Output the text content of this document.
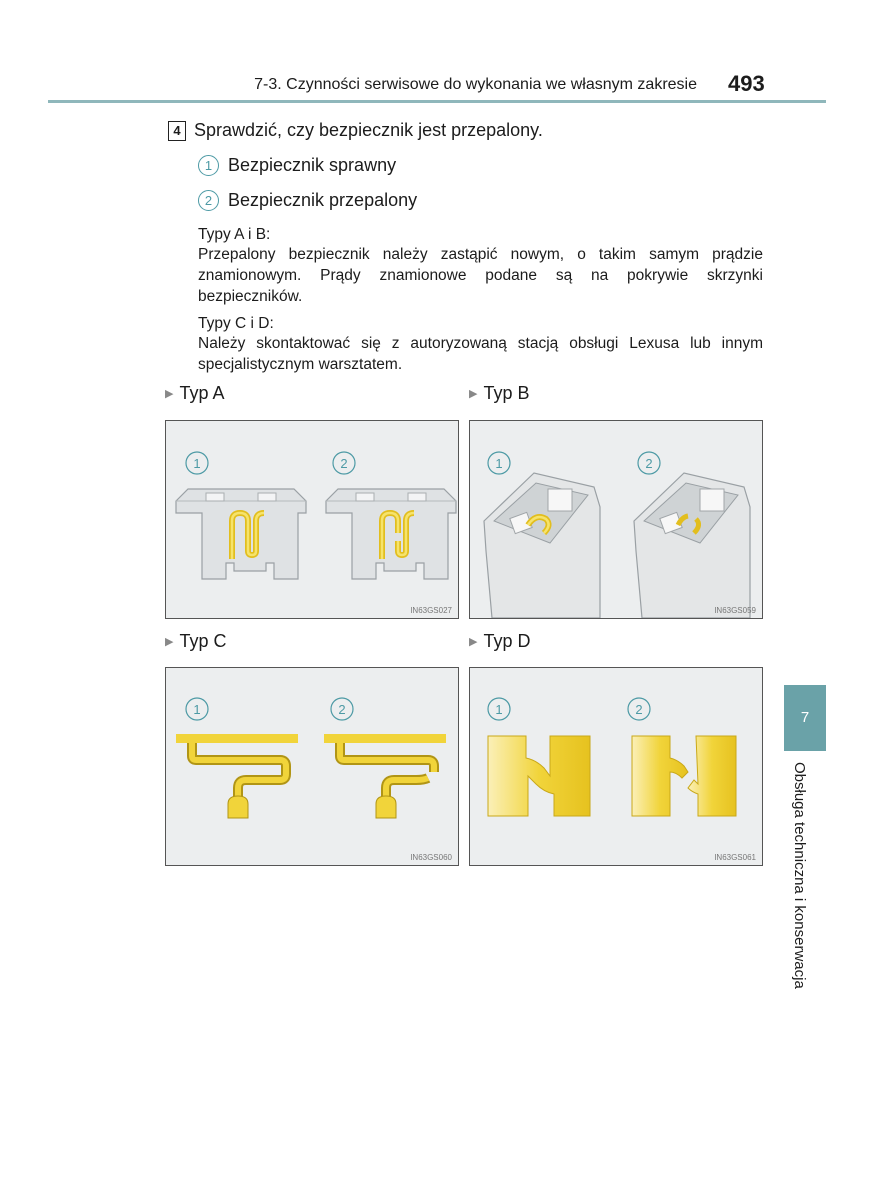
7-3. Czynności serwisowe do wykonania we własnym zakresie 493
4 Sprawdzić, czy bezpiecznik jest przepalony.
1 Bezpiecznik sprawny
2 Bezpiecznik przepalony
Typy A i B:
Przepalony bezpiecznik należy zastąpić nowym, o takim samym prądzie znamionowym. Prądy znamionowe podane są na pokrywie skrzynki bezpieczników.
Typy C i D:
Należy skontaktować się z autoryzowaną stacją obsługi Lexusa lub innym specjalistycznym warsztatem.
▶ Typ A	▶ Typ B
▶ Typ C	▶ Typ D
1	2
IN63GS027
1	2
IN63GS059
1	2
IN63GS060
1	2
IN63GS061
7
Obsługa techniczna i konserwacja
